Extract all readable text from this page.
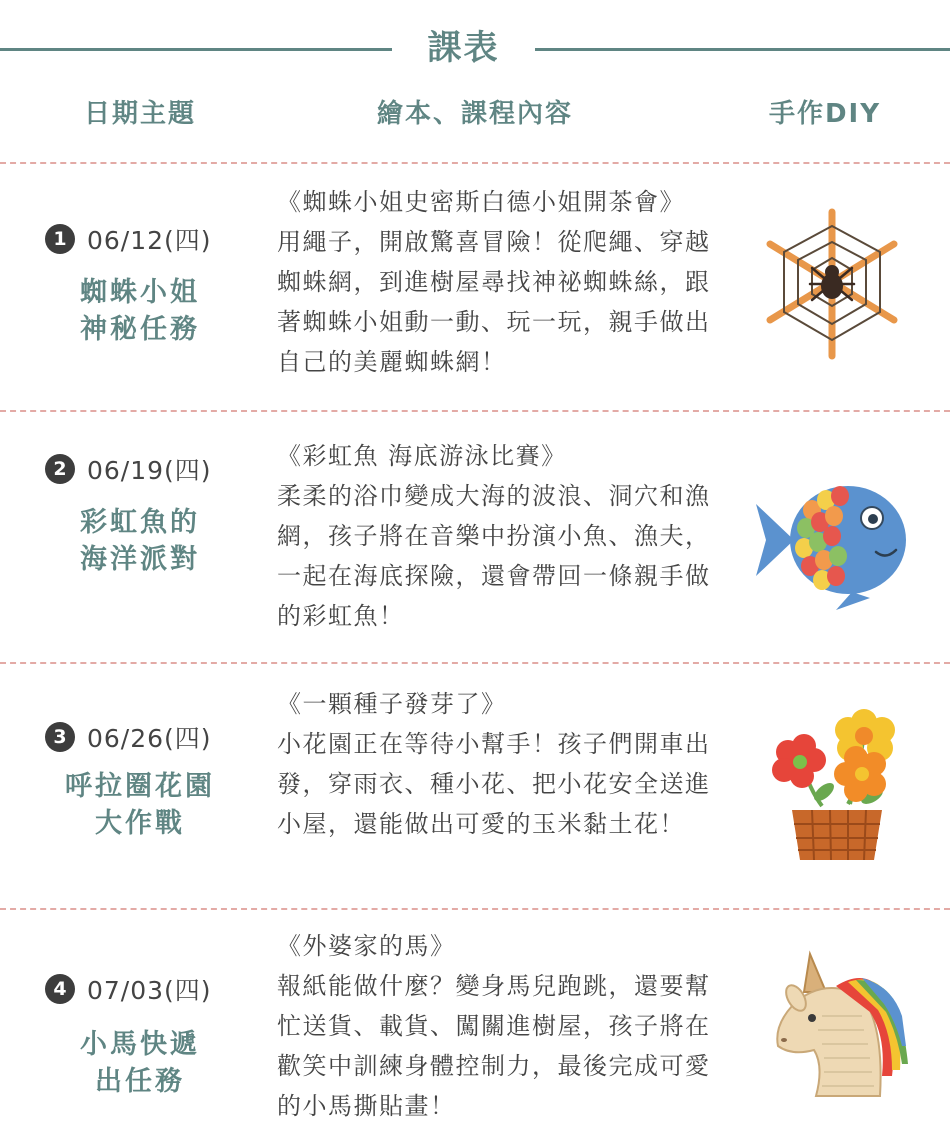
課表
日期主題	繪本、課程內容	手作DIY
1 06/12(四)
蜘蛛小姐
神秘任務

《蜘蛛小姐史密斯白德小姐開茶會》

用繩子，開啟驚喜冒險！從爬繩、穿越蜘蛛網，到進樹屋尋找神祕蜘蛛絲，跟著蜘蛛小姐動一動、玩一玩，親手做出自己的美麗蜘蛛網！

2 06/19(四)
彩虹魚的
海洋派對

《彩虹魚 海底游泳比賽》

柔柔的浴巾變成大海的波浪、洞穴和漁網，孩子將在音樂中扮演小魚、漁夫，一起在海底探險，還會帶回一條親手做的彩虹魚！

3 06/26(四)
呼拉圈花園
大作戰

《一顆種子發芽了》

小花園正在等待小幫手！孩子們開車出發，穿雨衣、種小花、把小花安全送進小屋，還能做出可愛的玉米黏土花！

4 07/03(四)
小馬快遞
出任務

《外婆家的馬》

報紙能做什麼？變身馬兒跑跳，還要幫忙送貨、載貨、闖關進樹屋，孩子將在歡笑中訓練身體控制力，最後完成可愛的小馬撕貼畫！
